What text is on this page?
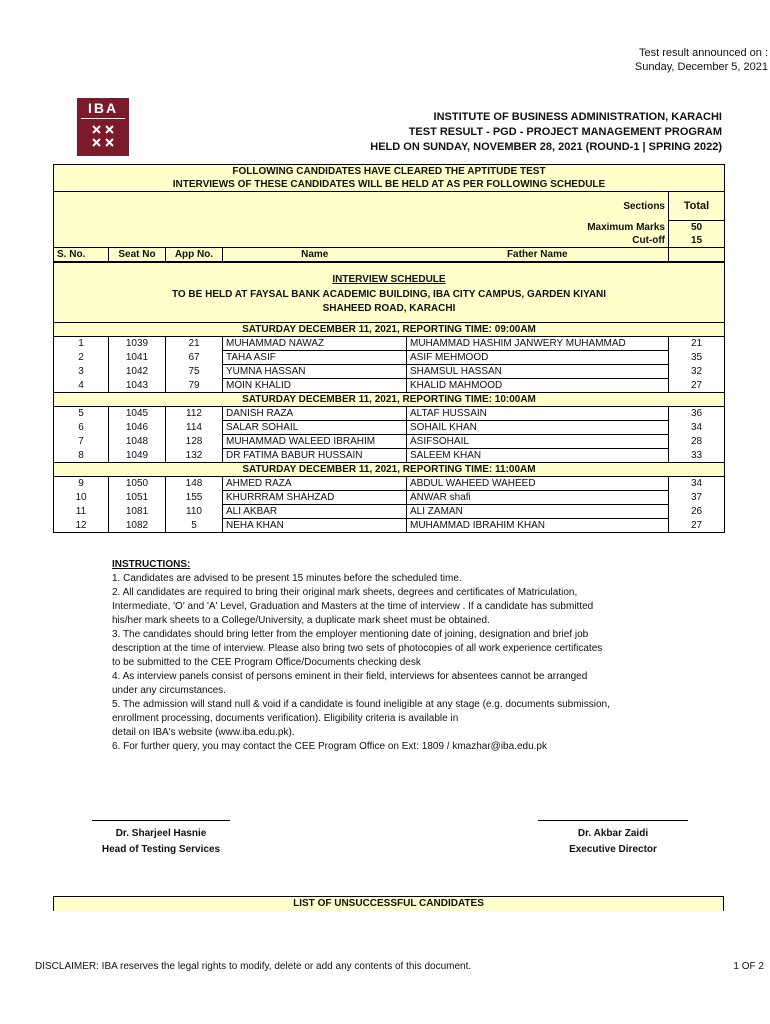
Test result announced on :
Sunday, December 5, 2021
IBA
INSTITUTE OF BUSINESS ADMINISTRATION, KARACHI
TEST RESULT - PGD - PROJECT MANAGEMENT PROGRAM
HELD ON SUNDAY, NOVEMBER 28, 2021 (ROUND-1 | SPRING 2022)
FOLLOWING CANDIDATES HAVE CLEARED THE APTITUDE TEST					
INTERVIEWS OF THESE CANDIDATES WILL BE HELD AT AS PER FOLLOWING SCHEDULE					
Sections					Total
Maximum Marks					50
Cut-off					15
S. No.	Seat No	App No.	Name	Father Name	
INTERVIEW SCHEDULE					
TO BE HELD AT FAYSAL BANK ACADEMIC BUILDING, IBA CITY CAMPUS, GARDEN KIYANI					
SHAHEED ROAD, KARACHI					
SATURDAY DECEMBER 11, 2021, REPORTING TIME: 09:00AM					
1	1039	21	MUHAMMAD NAWAZ	MUHAMMAD HASHIM JANWERY MUHAMMAD	21
2	1041	67	TAHA ASIF	ASIF MEHMOOD	35
3	1042	75	YUMNA HASSAN	SHAMSUL HASSAN	32
4	1043	79	MOIN KHALID	KHALID MAHMOOD	27
SATURDAY DECEMBER 11, 2021, REPORTING TIME: 10:00AM					
5	1045	112	DANISH RAZA	ALTAF HUSSAIN	36
6	1046	114	SALAR SOHAIL	SOHAIL KHAN	34
7	1048	128	MUHAMMAD WALEED IBRAHIM	ASIFSOHAIL	28
8	1049	132	DR FATIMA BABUR HUSSAIN	SALEEM KHAN	33
SATURDAY DECEMBER 11, 2021, REPORTING TIME: 11:00AM					
9	1050	148	AHMED RAZA	ABDUL WAHEED WAHEED	34
10	1051	155	KHURRRAM SHAHZAD	ANWAR shafi	37
11	1081	110	ALI AKBAR	ALI ZAMAN	26
12	1082	5	NEHA KHAN	MUHAMMAD IBRAHIM KHAN	27
INSTRUCTIONS:
1. Candidates are advised to be present 15 minutes before the scheduled time.
2. All candidates are required to bring their original mark sheets, degrees and certificates of Matriculation,
Intermediate, 'O' and 'A' Level, Graduation and Masters at the time of interview . If a candidate has submitted
his/her mark sheets to a College/University, a duplicate mark sheet must be obtained.
3. The candidates should bring letter from the employer mentioning date of joining, designation and brief job
description at the time of interview. Please also bring two sets of photocopies of all work experience certificates
to be submitted to the CEE Program Office/Documents checking desk
4. As interview panels consist of persons eminent in their field, interviews for absentees cannot be arranged
under any circumstances.
5. The admission will stand null & void if a candidate is found ineligible at any stage (e.g. documents submission,
enrollment processing, documents verification). Eligibility criteria is available in
detail on IBA's website (www.iba.edu.pk).
6. For further query, you may contact the CEE Program Office on Ext: 1809 / kmazhar@iba.edu.pk
Dr. Sharjeel Hasnie
Head of Testing Services
Dr. Akbar Zaidi
Executive Director
LIST OF UNSUCCESSFUL CANDIDATES
DISCLAIMER: IBA reserves the legal rights to modify, delete or add any contents of this document.	1 OF 2
